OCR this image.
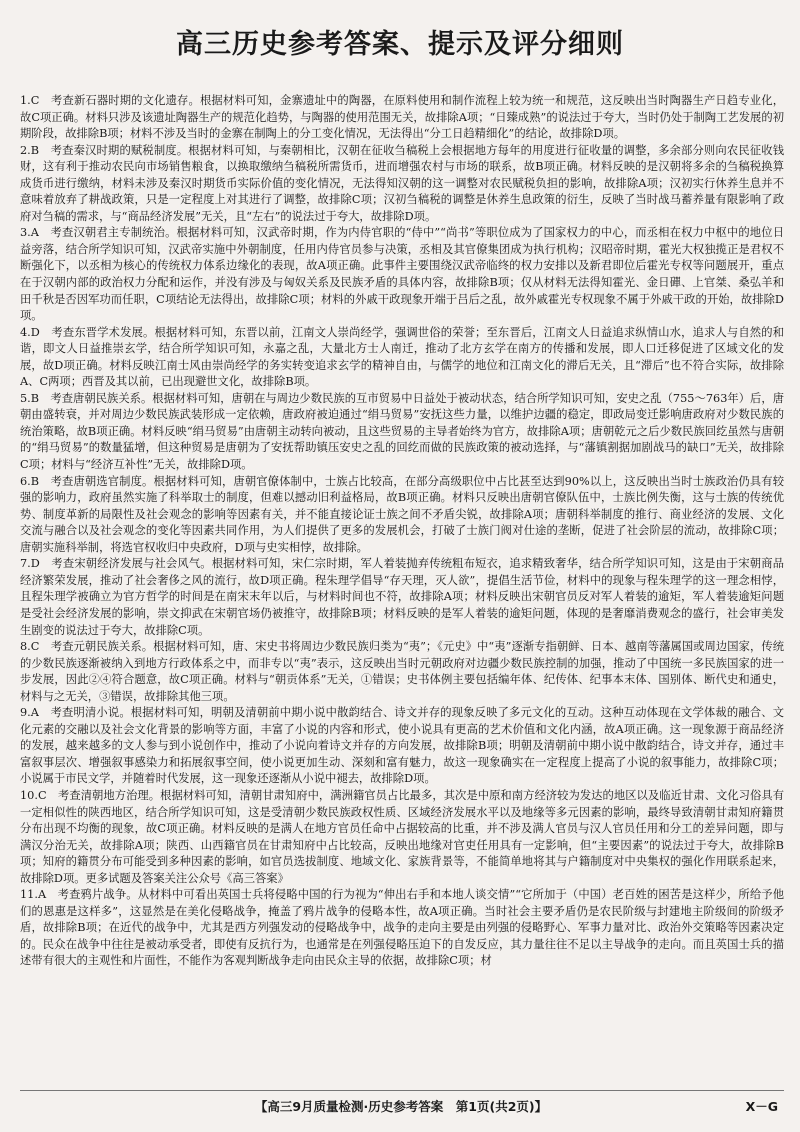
高三历史参考答案、提示及评分细则

1.C　考查新石器时期的文化遗存。根据材料可知，金寨遗址中的陶器，在原料使用和制作流程上较为统一和规范，这反映出当时陶器生产日趋专业化，故C项正确。材料只涉及该遗址陶器生产的规范化趋势，与陶器的使用范围无关，故排除A项；“日臻成熟”的说法过于夸大，当时仍处于制陶工艺发展的初期阶段，故排除B项；材料不涉及当时的金寨在制陶上的分工变化情况，无法得出“分工日趋精细化”的结论，故排除D项。

2.B　考查秦汉时期的赋税制度。根据材料可知，与秦朝相比，汉朝在征收刍稿税上会根据地方每年的用度进行征收量的调整，多余部分则向农民征收钱财，这有利于推动农民向市场销售粮食，以换取缴纳刍稿税所需货币，进而增强农村与市场的联系，故B项正确。材料反映的是汉朝将多余的刍稿税换算成货币进行缴纳，材料未涉及秦汉时期货币实际价值的变化情况，无法得知汉朝的这一调整对农民赋税负担的影响，故排除A项；汉初实行休养生息并不意味着放弃了耕战政策，只是一定程度上对其进行了调整，故排除C项；汉初刍稿税的调整是休养生息政策的衍生，反映了当时战马蓄养量有限影响了政府对刍稿的需求，与“商品经济发展”无关，且“左右”的说法过于夸大，故排除D项。

3.A　考查汉朝君主专制统治。根据材料可知，汉武帝时期，作为内侍官职的“侍中”“尚书”等职位成为了国家权力的中心，而丞相在权力中枢中的地位日益旁落，结合所学知识可知，汉武帝实施中外朝制度，任用内侍官员参与决策，丞相及其官僚集团成为执行机构；汉昭帝时期，霍光大权独揽正是君权不断强化下，以丞相为核心的传统权力体系边缘化的表现，故A项正确。此事件主要围绕汉武帝临终的权力安排以及新君即位后霍光专权等问题展开，重点在于汉朝内部的政治权力分配和运作，并没有涉及与匈奴关系及民族矛盾的具体内容，故排除B项；仅从材料无法得知霍光、金日磾、上官桀、桑弘羊和田千秋是否因军功而任职，C项结论无法得出，故排除C项；材料的外戚干政现象开端于吕后之乱，故外戚霍光专权现象不属于外戚干政的开始，故排除D项。

4.D　考查东晋学术发展。根据材料可知，东晋以前，江南文人崇尚经学，强调世俗的荣誉；至东晋后，江南文人日益追求纵情山水，追求人与自然的和谐，即文人日益推崇玄学，结合所学知识可知，永嘉之乱，大量北方士人南迁，推动了北方玄学在南方的传播和发展，即人口迁移促进了区域文化的发展，故D项正确。材料反映江南士风由崇尚经学的务实转变追求玄学的精神自由，与儒学的地位和江南文化的滞后无关，且“滞后”也不符合实际，故排除A、C两项；西晋及其以前，已出现避世文化，故排除B项。

5.B　考查唐朝民族关系。根据材料可知，唐朝在与周边少数民族的互市贸易中日益处于被动状态，结合所学知识可知，安史之乱（755～763年）后，唐朝由盛转衰，并对周边少数民族武装形成一定依赖，唐政府被迫通过“绢马贸易”安抚这些力量，以维护边疆的稳定，即政局变迁影响唐政府对少数民族的统治策略，故B项正确。材料反映“绢马贸易”由唐朝主动转向被动，且这些贸易的主导者始终为官方，故排除A项；唐朝乾元之后少数民族回纥虽然与唐朝的“绢马贸易”的数量猛增，但这种贸易是唐朝为了安抚帮助镇压安史之乱的回纥而做的民族政策的被动选择，与“藩镇割据加剧战马的缺口”无关，故排除C项；材料与“经济互补性”无关，故排除D项。

6.B　考查唐朝选官制度。根据材料可知，唐朝官僚体制中，士族占比较高，在部分高级职位中占比甚至达到90%以上，这反映出当时士族政治仍具有较强的影响力，政府虽然实施了科举取士的制度，但难以撼动旧利益格局，故B项正确。材料只反映出唐朝官僚队伍中，士族比例失衡，这与士族的传统优势、制度革新的局限性及社会观念的影响等因素有关，并不能直接论证士族之间不矛盾尖锐，故排除A项；唐朝科举制度的推行、商业经济的发展、文化交流与融合以及社会观念的变化等因素共同作用，为人们提供了更多的发展机会，打破了士族门阀对仕途的垄断，促进了社会阶层的流动，故排除C项；唐朝实施科举制，将选官权收归中央政府，D项与史实相悖，故排除。

7.D　考查宋朝经济发展与社会风气。根据材料可知，宋仁宗时期，军人着装抛弃传统粗布短衣，追求精致奢华，结合所学知识可知，这是由于宋朝商品经济繁荣发展，推动了社会奢侈之风的流行，故D项正确。程朱理学倡导“存天理，灭人欲”，提倡生活节俭，材料中的现象与程朱理学的这一理念相悖，且程朱理学被确立为官方哲学的时间是在南宋末年以后，与材料时间也不符，故排除A项；材料反映出宋朝官员反对军人着装的逾矩，军人着装逾矩问题是受社会经济发展的影响，崇文抑武在宋朝官场仍被推守，故排除B项；材料反映的是军人着装的逾矩问题，体现的是奢靡消费观念的盛行，社会审美发生剧变的说法过于夸大，故排除C项。

8.C　考查元朝民族关系。根据材料可知，唐、宋史书将周边少数民族归类为“夷”；《元史》中“夷”逐渐专指朝鲜、日本、越南等藩属国或周边国家，传统的少数民族逐渐被纳入到地方行政体系之中，而非专以“夷”表示，这反映出当时元朝政府对边疆少数民族控制的加强，推动了中国统一多民族国家的进一步发展，因此②④符合题意，故C项正确。材料与“朝贡体系”无关，①错误；史书体例主要包括编年体、纪传体、纪事本末体、国别体、断代史和通史，材料与之无关，③错误，故排除其他三项。

9.A　考查明清小说。根据材料可知，明朝及清朝前中期小说中散韵结合、诗文并存的现象反映了多元文化的互动。这种互动体现在文学体裁的融合、文化元素的交融以及社会文化背景的影响等方面，丰富了小说的内容和形式，使小说具有更高的艺术价值和文化内涵，故A项正确。这一现象源于商品经济的发展，越来越多的文人参与到小说创作中，推动了小说向着诗文并存的方向发展，故排除B项；明朝及清朝前中期小说中散韵结合，诗文并存，通过丰富叙事层次、增强叙事感染力和拓展叙事空间，使小说更加生动、深刻和富有魅力，故这一现象确实在一定程度上提高了小说的叙事能力，故排除C项；小说属于市民文学，并随着时代发展，这一现象还逐渐从小说中褪去，故排除D项。

10.C　考查清朝地方治理。根据材料可知，清朝甘肃知府中，满洲籍官员占比最多，其次是中原和南方经济较为发达的地区以及临近甘肃、文化习俗具有一定相似性的陕西地区，结合所学知识可知，这是受清朝少数民族政权性质、区域经济发展水平以及地缘等多元因素的影响，最终导致清朝甘肃知府籍贯分布出现不均衡的现象，故C项正确。材料反映的是满人在地方官员任命中占据较高的比重，并不涉及满人官员与汉人官员任用和分工的差异问题，即与满汉分治无关，故排除A项；陕西、山西籍官员在甘肃知府中占比较高，反映出地缘对官吏任用具有一定影响，但“主要因素”的说法过于夸大，故排除B项；知府的籍贯分布可能受到多种因素的影响，如官员选拔制度、地域文化、家族背景等，不能简单地将其与户籍制度对中央集权的强化作用联系起来，故排除D项。更多试题及答案关注公众号《高三答案》

11.A　考查鸦片战争。从材料中可看出英国士兵将侵略中国的行为视为“伸出右手和本地人谈交情”“它所加于（中国）老百姓的困苦是这样少，所给予他们的恩惠是这样多”，这显然是在美化侵略战争，掩盖了鸦片战争的侵略本性，故A项正确。当时社会主要矛盾仍是农民阶级与封建地主阶级间的阶级矛盾，故排除B项；在近代的战争中，尤其是西方列强发动的侵略战争中，战争的走向主要是由列强的侵略野心、军事力量对比、政治外交策略等因素决定的。民众在战争中往往是被动承受者，即使有反抗行为，也通常是在列强侵略压迫下的自发反应，其力量往往不足以主导战争的走向。而且英国士兵的描述带有很大的主观性和片面性，不能作为客观判断战争走向由民众主导的依据，故排除C项；材

【高三9月质量检测·历史参考答案　第1页(共2页)】	X－G
